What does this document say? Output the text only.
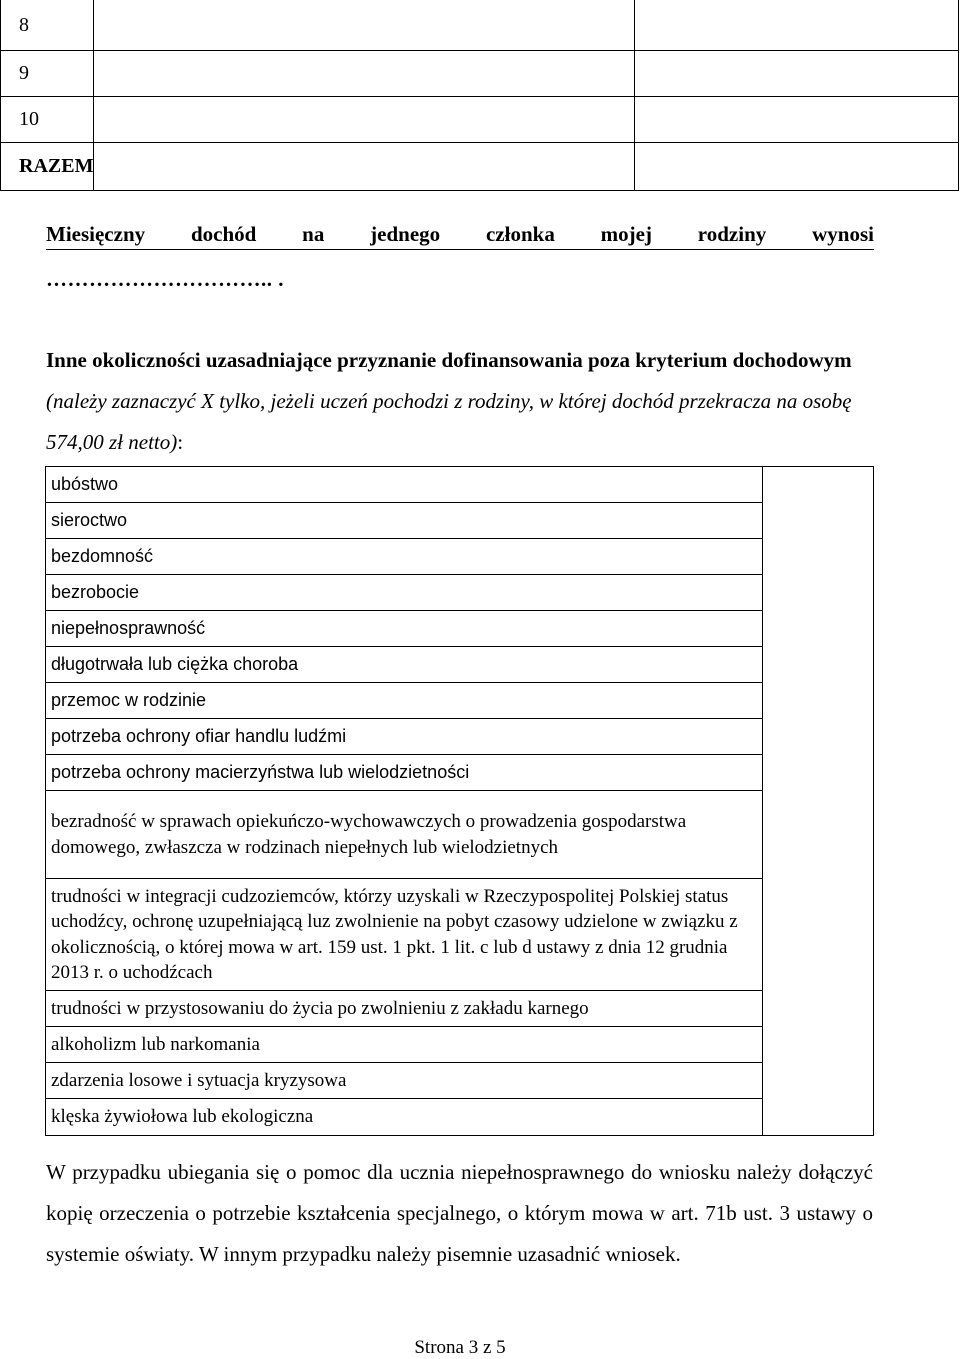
8		
9		
10		
RAZEM		
Miesięczny dochód na jednego członka mojej rodziny wynosi
………………………….. .
Inne okoliczności uzasadniające przyznanie dofinansowania poza kryterium dochodowym (należy zaznaczyć X tylko, jeżeli uczeń pochodzi z rodziny, w której dochód przekracza na osobę 574,00 zł netto):
ubóstwo	
sieroctwo
bezdomność
bezrobocie
niepełnosprawność
długotrwała lub ciężka choroba
przemoc w rodzinie
potrzeba ochrony ofiar handlu ludźmi
potrzeba ochrony macierzyństwa lub wielodzietności
bezradność w sprawach opiekuńczo-wychowawczych o prowadzenia gospodarstwa domowego, zwłaszcza w rodzinach niepełnych lub wielodzietnych
trudności w integracji cudzoziemców, którzy uzyskali w Rzeczypospolitej Polskiej status uchodźcy, ochronę uzupełniającą luz zwolnienie na pobyt czasowy udzielone w związku z okolicznością, o której mowa w art. 159 ust. 1 pkt. 1 lit. c lub d ustawy z dnia 12 grudnia 2013 r. o uchodźcach
trudności w przystosowaniu do życia po zwolnieniu z zakładu karnego
alkoholizm lub narkomania
zdarzenia losowe i sytuacja kryzysowa
klęska żywiołowa lub ekologiczna
W przypadku ubiegania się o pomoc dla ucznia niepełnosprawnego do wniosku należy dołączyć kopię orzeczenia o potrzebie kształcenia specjalnego, o którym mowa w art. 71b ust. 3 ustawy o systemie oświaty. W innym przypadku należy pisemnie uzasadnić wniosek.
Strona 3 z 5
